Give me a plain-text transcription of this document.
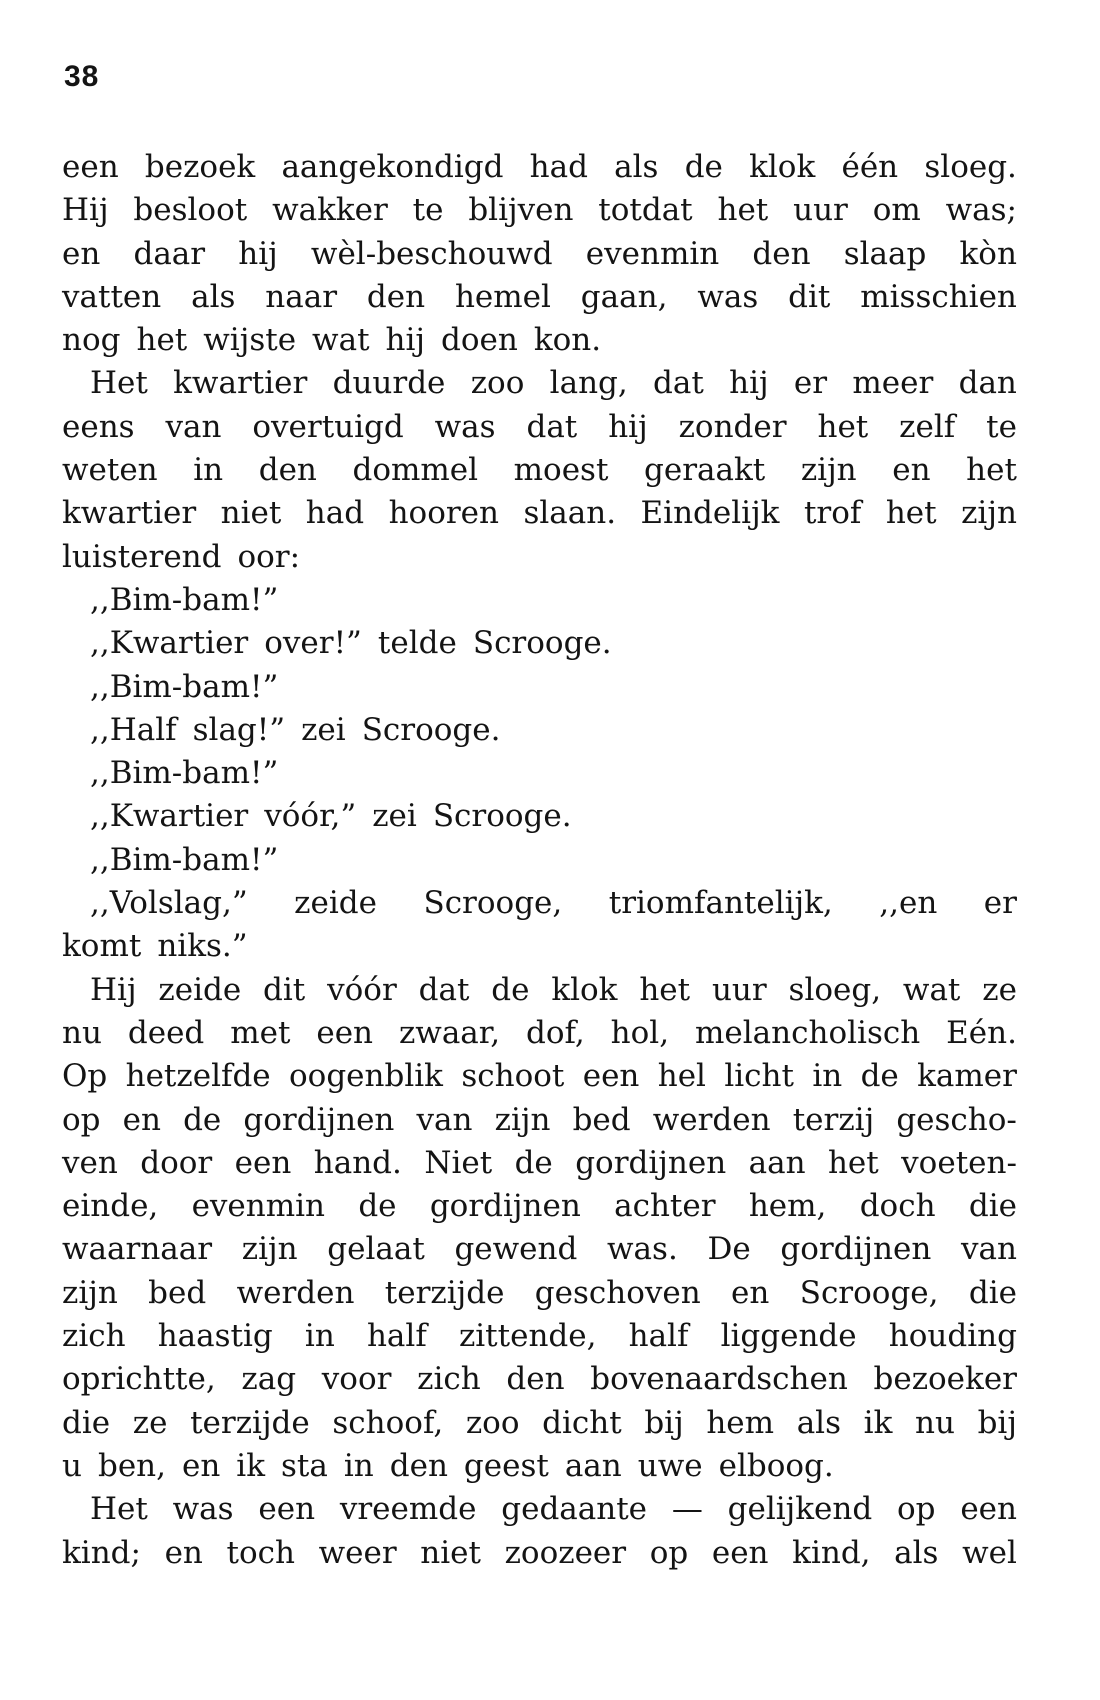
38
een bezoek aangekondigd had als de klok één sloeg.
Hij besloot wakker te blijven totdat het uur om was;
en daar hij wèl-beschouwd evenmin den slaap kòn
vatten als naar den hemel gaan, was dit misschien
nog het wijste wat hij doen kon.
Het kwartier duurde zoo lang, dat hij er meer dan
eens van overtuigd was dat hij zonder het zelf te
weten in den dommel moest geraakt zijn en het
kwartier niet had hooren slaan. Eindelijk trof het zijn
luisterend oor:
,,Bim-bam!”
,,Kwartier over!” telde Scrooge.
,,Bim-bam!”
,,Half slag!” zei Scrooge.
,,Bim-bam!”
,,Kwartier vóór,” zei Scrooge.
,,Bim-bam!”
,,Volslag,” zeide Scrooge, triomfantelijk, ,,en er
komt niks.”
Hij zeide dit vóór dat de klok het uur sloeg, wat ze
nu deed met een zwaar, dof, hol, melancholisch Eén.
Op hetzelfde oogenblik schoot een hel licht in de kamer
op en de gordijnen van zijn bed werden terzij gescho-
ven door een hand. Niet de gordijnen aan het voeten-
einde, evenmin de gordijnen achter hem, doch die
waarnaar zijn gelaat gewend was. De gordijnen van
zijn bed werden terzijde geschoven en Scrooge, die
zich haastig in half zittende, half liggende houding
oprichtte, zag voor zich den bovenaardschen bezoeker
die ze terzijde schoof, zoo dicht bij hem als ik nu bij
u ben, en ik sta in den geest aan uwe elboog.
Het was een vreemde gedaante — gelijkend op een
kind; en toch weer niet zoozeer op een kind, als wel
